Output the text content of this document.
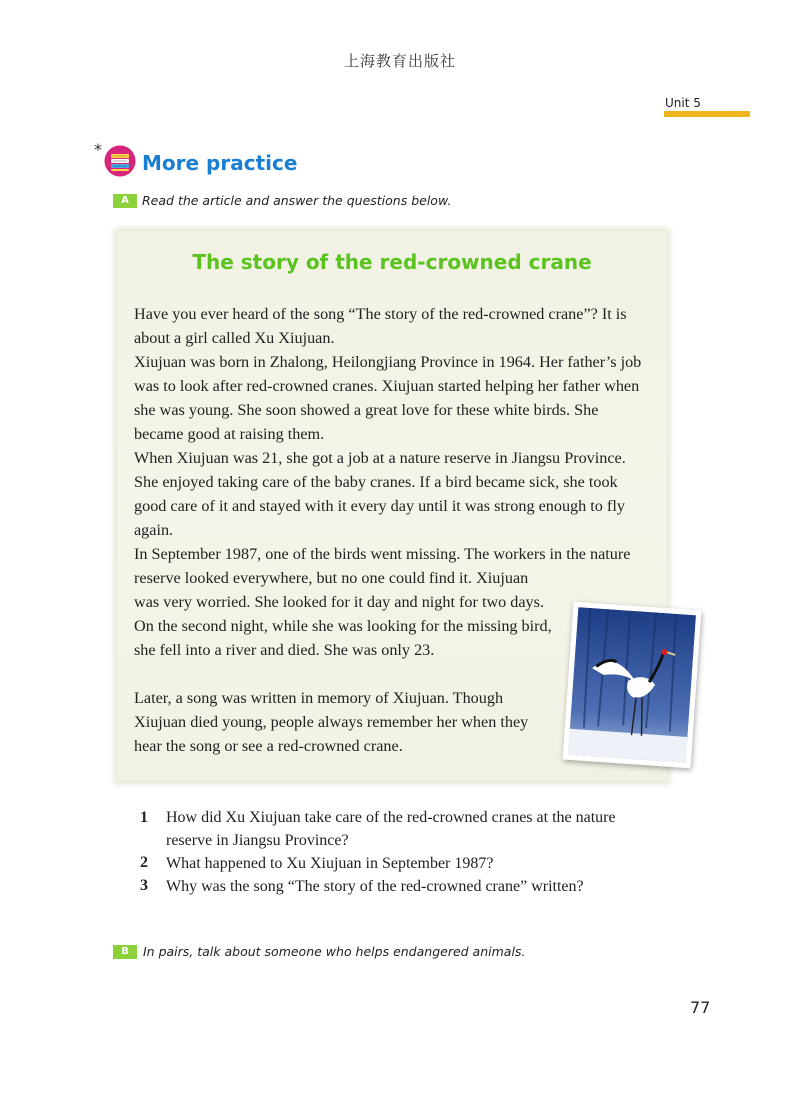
上海教育出版社
Unit 5
*
More practice
A	Read the article and answer the questions below.
The story of the red-crowned crane

Have you ever heard of the song “The story of the red-crowned crane”? It is about a girl called Xu Xiujuan.

Xiujuan was born in Zhalong, Heilongjiang Province in 1964. Her father’s job was to look after red-crowned cranes. Xiujuan started helping her father when she was young. She soon showed a great love for these white birds. She became good at raising them.

When Xiujuan was 21, she got a job at a nature reserve in Jiangsu Province. She enjoyed taking care of the baby cranes. If a bird became sick, she took good care of it and stayed with it every day until it was strong enough to fly again.

In September 1987, one of the birds went missing. The workers in the nature reserve looked everywhere, but no one could find it. Xiujuan

was very worried. She looked for it day and night for two days. On the second night, while she was looking for the missing bird, she fell into a river and died. She was only 23.

Later, a song was written in memory of Xiujuan. Though Xiujuan died young, people always remember her when they hear the song or see a red-crowned crane.

1 How did Xu Xiujuan take care of the red-crowned cranes at the nature reserve in Jiangsu Province?

2 What happened to Xu Xiujuan in September 1987?

3 Why was the song “The story of the red-crowned crane” written?

B	In pairs, talk about someone who helps endangered animals.
77
